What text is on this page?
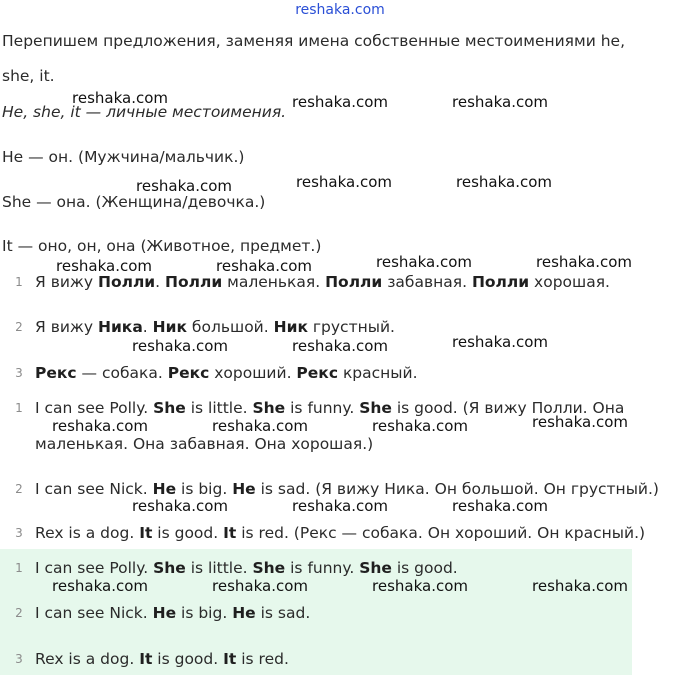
reshaka.com
Перепишем предложения, заменяя имена собственные местоимениями he,
she, it.
He, she, it — личные местоимения.
He — он. (Мужчина/мальчик.)
She — она. (Женщина/девочка.)
It — оно, он, она (Животное, предмет.)
1 Я вижу Полли. Полли маленькая. Полли забавная. Полли хорошая.
2 Я вижу Ника. Ник большой. Ник грустный.
3 Рекс — собака. Рекс хороший. Рекс красный.
1 I can see Polly. She is little. She is funny. She is good. (Я вижу Полли. Она
маленькая. Она забавная. Она хорошая.)
2 I can see Nick. He is big. He is sad. (Я вижу Ника. Он большой. Он грустный.)
3 Rex is a dog. It is good. It is red. (Рекс — собака. Он хороший. Он красный.)
1 I can see Polly. She is little. She is funny. She is good.
2 I can see Nick. He is big. He is sad.
3 Rex is a dog. It is good. It is red.
reshaka.com	reshaka.com	reshaka.com
reshaka.com	reshaka.com	reshaka.com
reshaka.com	reshaka.com
reshaka.com	reshaka.com
reshaka.com
reshaka.com	reshaka.com
reshaka.com
reshaka.com	reshaka.com	reshaka.com
reshaka.com	reshaka.com	reshaka.com
reshaka.com	reshaka.com	reshaka.com	reshaka.com
